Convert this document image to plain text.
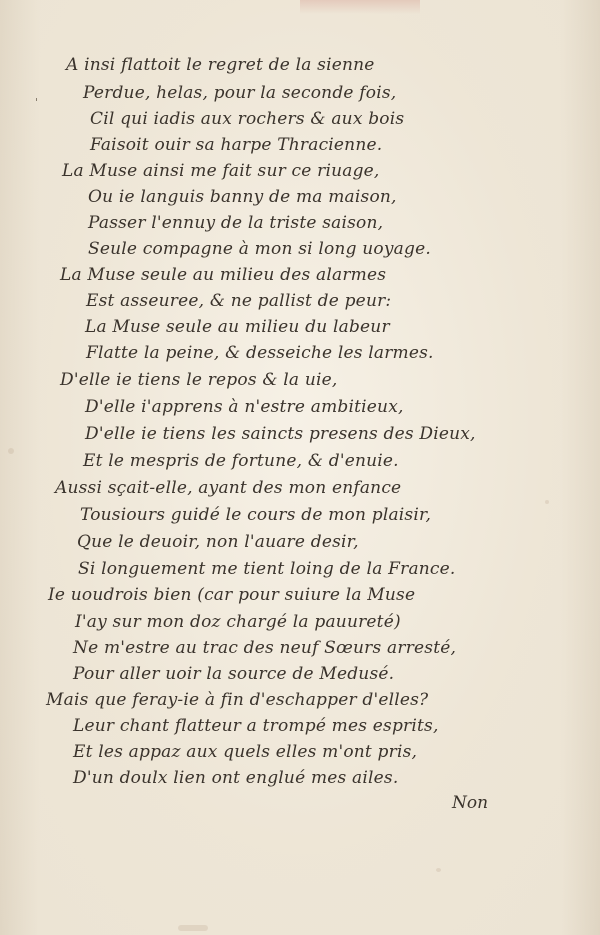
'
A insi flattoit le regret de la sienne
Perdue, helas, pour la seconde fois,
Cil qui iadis aux rochers & aux bois
Faisoit ouir sa harpe Thracienne.
La Muse ainsi me fait sur ce riuage,
Ou ie languis banny de ma maison,
Passer l'ennuy de la triste saison,
Seule compagne à mon si long uoyage.
La Muse seule au milieu des alarmes
Est asseuree, & ne pallist de peur:
La Muse seule au milieu du labeur
Flatte la peine, & desseiche les larmes.
D'elle ie tiens le repos & la uie,
D'elle i'apprens à n'estre ambitieux,
D'elle ie tiens les saincts presens des Dieux,
Et le mespris de fortune, & d'enuie.
Aussi sçait-elle, ayant des mon enfance
Tousiours guidé le cours de mon plaisir,
Que le deuoir, non l'auare desir,
Si longuement me tient loing de la France.
Ie uoudrois bien (car pour suiure la Muse
I'ay sur mon doz chargé la pauureté)
Ne m'estre au trac des neuf Sœurs arresté,
Pour aller uoir la source de Medusé.
Mais que feray-ie à fin d'eschapper d'elles?
Leur chant flatteur a trompé mes esprits,
Et les appaz aux quels elles m'ont pris,
D'un doulx lien ont englué mes ailes.
Non
